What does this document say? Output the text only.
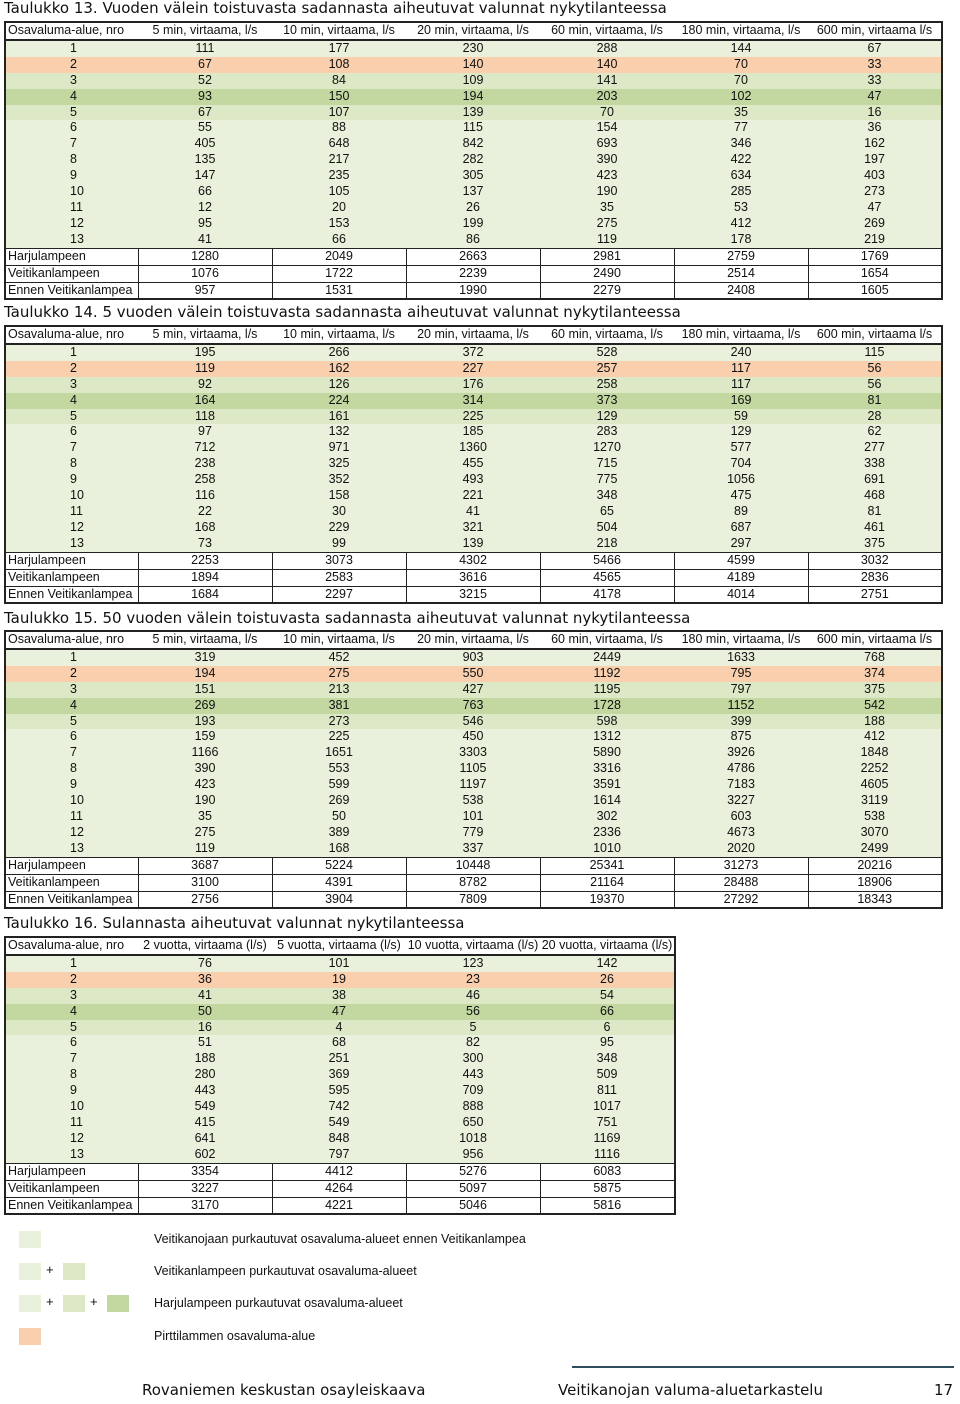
Taulukko 13. Vuoden välein toistuvasta sadannasta aiheutuvat valunnat nykytilanteessa
Osavaluma-alue, nro	5 min, virtaama, l/s	10 min, virtaama, l/s	20 min, virtaama, l/s	60 min, virtaama, l/s	180 min, virtaama, l/s	600 min, virtaama l/s
1	111	177	230	288	144	67
2	67	108	140	140	70	33
3	52	84	109	141	70	33
4	93	150	194	203	102	47
5	67	107	139	70	35	16
6	55	88	115	154	77	36
7	405	648	842	693	346	162
8	135	217	282	390	422	197
9	147	235	305	423	634	403
10	66	105	137	190	285	273
11	12	20	26	35	53	47
12	95	153	199	275	412	269
13	41	66	86	119	178	219
Harjulampeen	1280	2049	2663	2981	2759	1769
Veitikanlampeen	1076	1722	2239	2490	2514	1654
Ennen Veitikanlampea	957	1531	1990	2279	2408	1605
Taulukko 14. 5 vuoden välein toistuvasta sadannasta aiheutuvat valunnat nykytilanteessa
Osavaluma-alue, nro	5 min, virtaama, l/s	10 min, virtaama, l/s	20 min, virtaama, l/s	60 min, virtaama, l/s	180 min, virtaama, l/s	600 min, virtaama l/s
1	195	266	372	528	240	115
2	119	162	227	257	117	56
3	92	126	176	258	117	56
4	164	224	314	373	169	81
5	118	161	225	129	59	28
6	97	132	185	283	129	62
7	712	971	1360	1270	577	277
8	238	325	455	715	704	338
9	258	352	493	775	1056	691
10	116	158	221	348	475	468
11	22	30	41	65	89	81
12	168	229	321	504	687	461
13	73	99	139	218	297	375
Harjulampeen	2253	3073	4302	5466	4599	3032
Veitikanlampeen	1894	2583	3616	4565	4189	2836
Ennen Veitikanlampea	1684	2297	3215	4178	4014	2751
Taulukko 15. 50 vuoden välein toistuvasta sadannasta aiheutuvat valunnat nykytilanteessa
Osavaluma-alue, nro	5 min, virtaama, l/s	10 min, virtaama, l/s	20 min, virtaama, l/s	60 min, virtaama, l/s	180 min, virtaama, l/s	600 min, virtaama l/s
1	319	452	903	2449	1633	768
2	194	275	550	1192	795	374
3	151	213	427	1195	797	375
4	269	381	763	1728	1152	542
5	193	273	546	598	399	188
6	159	225	450	1312	875	412
7	1166	1651	3303	5890	3926	1848
8	390	553	1105	3316	4786	2252
9	423	599	1197	3591	7183	4605
10	190	269	538	1614	3227	3119
11	35	50	101	302	603	538
12	275	389	779	2336	4673	3070
13	119	168	337	1010	2020	2499
Harjulampeen	3687	5224	10448	25341	31273	20216
Veitikanlampeen	3100	4391	8782	21164	28488	18906
Ennen Veitikanlampea	2756	3904	7809	19370	27292	18343
Taulukko 16. Sulannasta aiheutuvat valunnat nykytilanteessa
Osavaluma-alue, nro	2 vuotta, virtaama (l/s)	5 vuotta, virtaama (l/s)	10 vuotta, virtaama (l/s)	20 vuotta, virtaama (l/s)
1	76	101	123	142
2	36	19	23	26
3	41	38	46	54
4	50	47	56	66
5	16	4	5	6
6	51	68	82	95
7	188	251	300	348
8	280	369	443	509
9	443	595	709	811
10	549	742	888	1017
11	415	549	650	751
12	641	848	1018	1169
13	602	797	956	1116
Harjulampeen	3354	4412	5276	6083
Veitikanlampeen	3227	4264	5097	5875
Ennen Veitikanlampea	3170	4221	5046	5816
Veitikanojaan purkautuvat osavaluma-alueet ennen Veitikanlampea
+	Veitikanlampeen purkautuvat osavaluma-alueet
+	+	Harjulampeen purkautuvat osavaluma-alueet
Pirttilammen osavaluma-alue
Rovaniemen keskustan osayleiskaava	Veitikanojan valuma-aluetarkastelu	17
